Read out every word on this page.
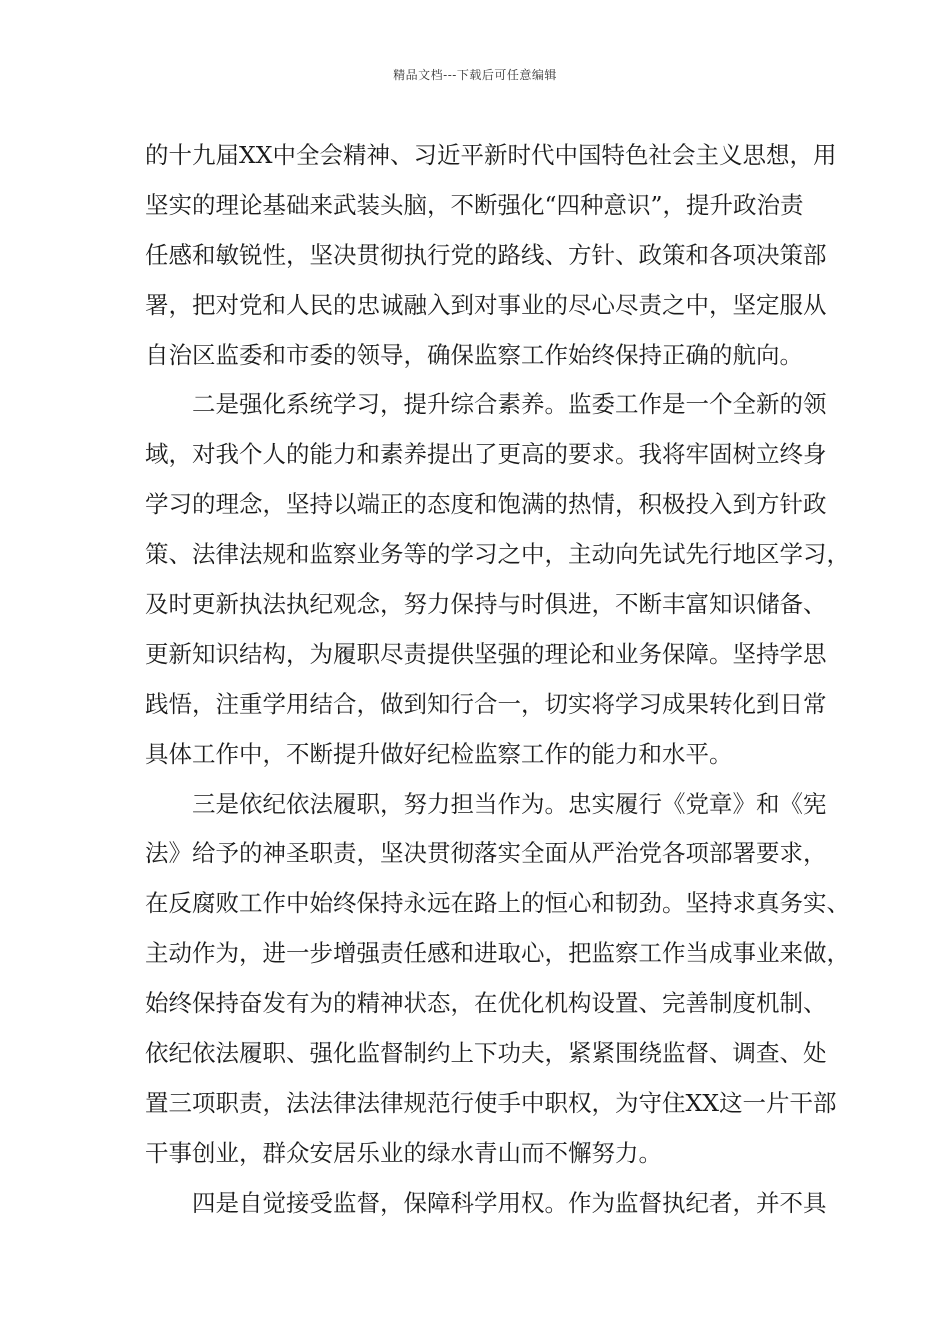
精品文档---下载后可任意编辑
的十九届XX中全会精神、习近平新时代中国特色社会主义思想，用
坚实的理论基础来武装头脑，不断强化“四种意识”，提升政治责
任感和敏锐性，坚决贯彻执行党的路线、方针、政策和各项决策部
署，把对党和人民的忠诚融入到对事业的尽心尽责之中，坚定服从
自治区监委和市委的领导，确保监察工作始终保持正确的航向。
二是强化系统学习，提升综合素养。监委工作是一个全新的领
域，对我个人的能力和素养提出了更高的要求。我将牢固树立终身
学习的理念，坚持以端正的态度和饱满的热情，积极投入到方针政
策、法律法规和监察业务等的学习之中，主动向先试先行地区学习，
及时更新执法执纪观念，努力保持与时俱进，不断丰富知识储备、
更新知识结构，为履职尽责提供坚强的理论和业务保障。坚持学思
践悟，注重学用结合，做到知行合一，切实将学习成果转化到日常
具体工作中，不断提升做好纪检监察工作的能力和水平。
三是依纪依法履职，努力担当作为。忠实履行《党章》和《宪
法》给予的神圣职责，坚决贯彻落实全面从严治党各项部署要求，
在反腐败工作中始终保持永远在路上的恒心和韧劲。坚持求真务实、
主动作为，进一步增强责任感和进取心，把监察工作当成事业来做，
始终保持奋发有为的精神状态，在优化机构设置、完善制度机制、
依纪依法履职、强化监督制约上下功夫，紧紧围绕监督、调查、处
置三项职责，法法律法律规范行使手中职权，为守住XX这一片干部
干事创业，群众安居乐业的绿水青山而不懈努力。
四是自觉接受监督，保障科学用权。作为监督执纪者，并不具
